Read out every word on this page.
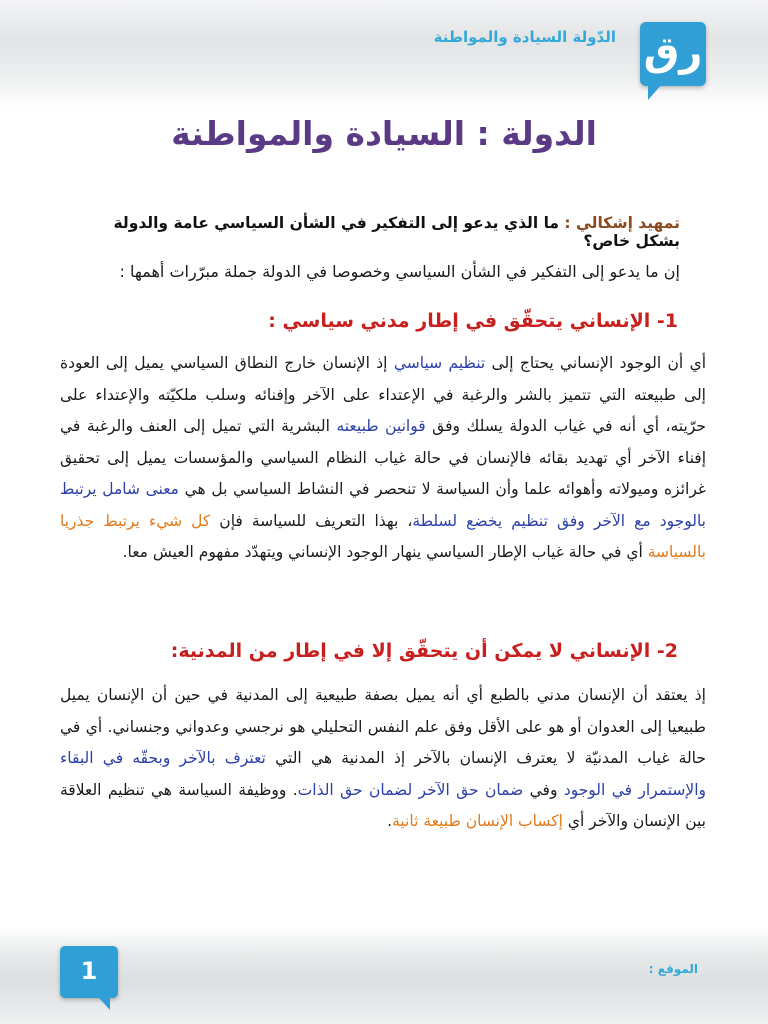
الدّولة السيادة والمواطنة رق
الدولة : السيادة والمواطنة
تمهيد إشكالي : ما الذي يدعو إلى التفكير في الشأن السياسي عامة والدولة بشكل خاص؟
إن ما يدعو إلى التفكير في الشأن السياسي وخصوصا في الدولة جملة مبرّرات أهمها :
1- الإنساني يتحقّق في إطار مدني سياسي :

أي أن الوجود الإنساني يحتاج إلى تنظيم سياسي إذ الإنسان خارج النطاق السياسي يميل إلى العودة إلى طبيعته التي تتميز بالشر والرغبة في الإعتداء على الآخر وإفنائه وسلب ملكيّته والإعتداء على حرّيته، أي أنه في غياب الدولة يسلك وفق قوانين طبيعته البشرية التي تميل إلى العنف والرغبة في إفناء الآخر أي تهديد بقائه فالإنسان في حالة غياب النظام السياسي والمؤسسات يميل إلى تحقيق غرائزه وميولاته وأهوائه علما وأن السياسة لا تنحصر في النشاط السياسي بل هي معنى شامل يرتبط بالوجود مع الآخر وفق تنظيم يخضع لسلطة، بهذا التعريف للسياسة فإن كل شيء يرتبط جذريا بالسياسة أي في حالة غياب الإطار السياسي ينهار الوجود الإنساني ويتهدّد مفهوم العيش معا.

2- الإنساني لا يمكن أن يتحقّق إلا في إطار من المدنية:

إذ يعتقد أن الإنسان مدني بالطبع أي أنه يميل بصفة طبيعية إلى المدنية في حين أن الإنسان يميل طبيعيا إلى العدوان أو هو على الأقل وفق علم النفس التحليلي هو نرجسي وعدواني وجنساني. أي في حالة غياب المدنيّة لا يعترف الإنسان بالآخر إذ المدنية هي التي تعترف بالآخر وبحقّه في البقاء والإستمرار في الوجود وفي ضمان حق الآخر لضمان حق الذات. ووظيفة السياسة هي تنظيم العلاقة بين الإنسان والآخر أي إكساب الإنسان طبيعة ثانية.

1	الموقع :
